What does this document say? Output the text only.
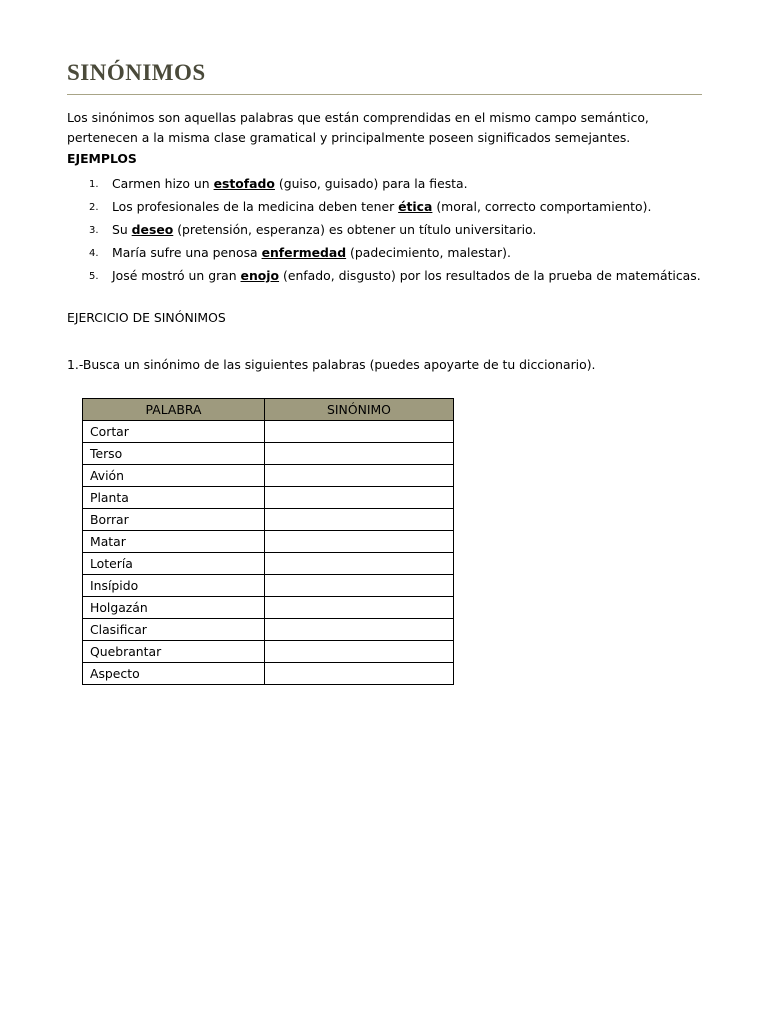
SINÓNIMOS

Los sinónimos son aquellas palabras que están comprendidas en el mismo campo semántico, pertenecen a la misma clase gramatical y principalmente poseen significados semejantes.

EJEMPLOS

1. Carmen hizo un estofado (guiso, guisado) para la fiesta.
2. Los profesionales de la medicina deben tener ética (moral, correcto comportamiento).
3. Su deseo (pretensión, esperanza) es obtener un título universitario.
4. María sufre una penosa enfermedad (padecimiento, malestar).
5. José mostró un gran enojo (enfado, disgusto) por los resultados de la prueba de matemáticas.

EJERCICIO DE SINÓNIMOS

1.-Busca un sinónimo de las siguientes palabras (puedes apoyarte de tu diccionario).

PALABRA	SINÓNIMO
Cortar	
Terso	
Avión	
Planta	
Borrar	
Matar	
Lotería	
Insípido	
Holgazán	
Clasificar	
Quebrantar	
Aspecto	
